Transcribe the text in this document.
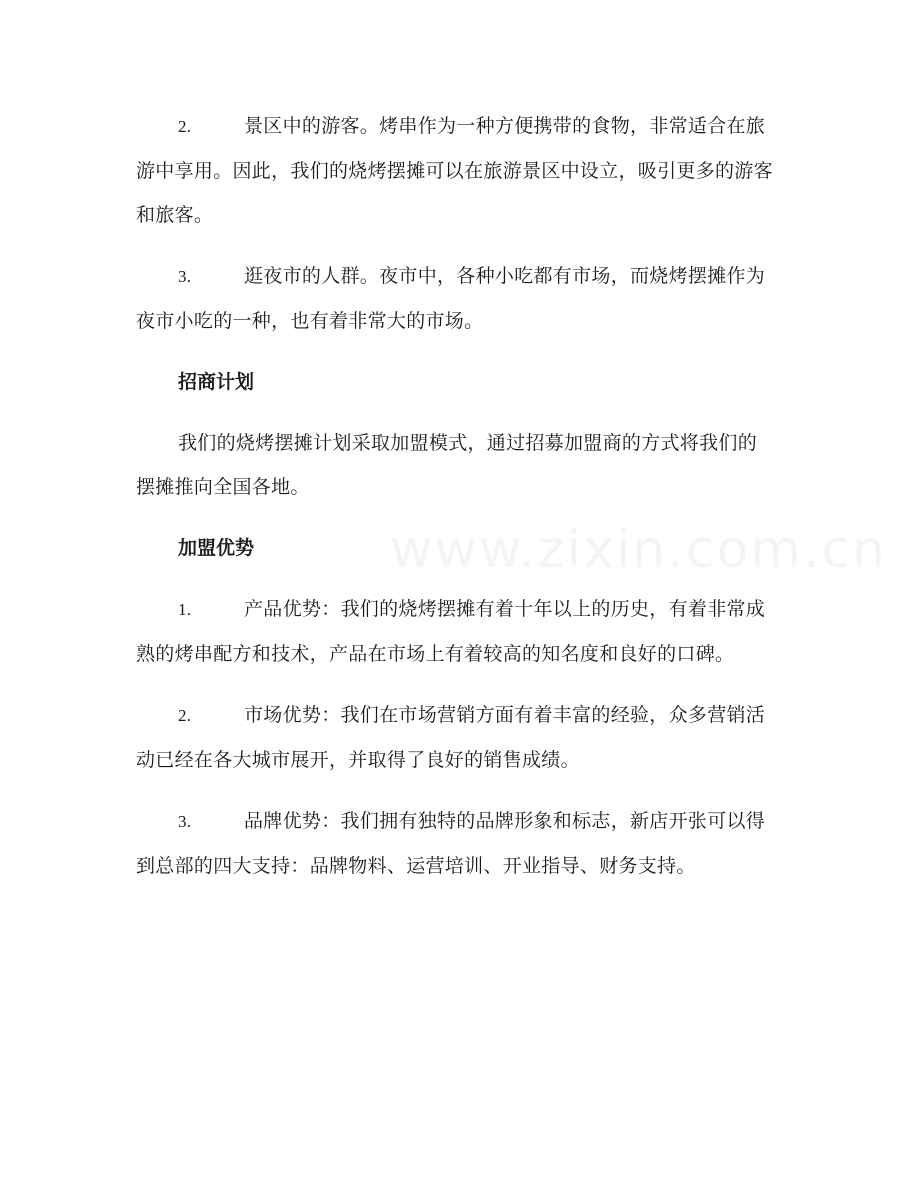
2.	景区中的游客。烤串作为一种方便携带的食物，非常适合在旅游中享用。因此，我们的烧烤摆摊可以在旅游景区中设立，吸引更多的游客和旅客。

3.	逛夜市的人群。夜市中，各种小吃都有市场，而烧烤摆摊作为夜市小吃的一种，也有着非常大的市场。

招商计划

我们的烧烤摆摊计划采取加盟模式，通过招募加盟商的方式将我们的摆摊推向全国各地。

加盟优势

1.	产品优势：我们的烧烤摆摊有着十年以上的历史，有着非常成熟的烤串配方和技术，产品在市场上有着较高的知名度和良好的口碑。

2.	市场优势：我们在市场营销方面有着丰富的经验，众多营销活动已经在各大城市展开，并取得了良好的销售成绩。

3.	品牌优势：我们拥有独特的品牌形象和标志，新店开张可以得到总部的四大支持：品牌物料、运营培训、开业指导、财务支持。
